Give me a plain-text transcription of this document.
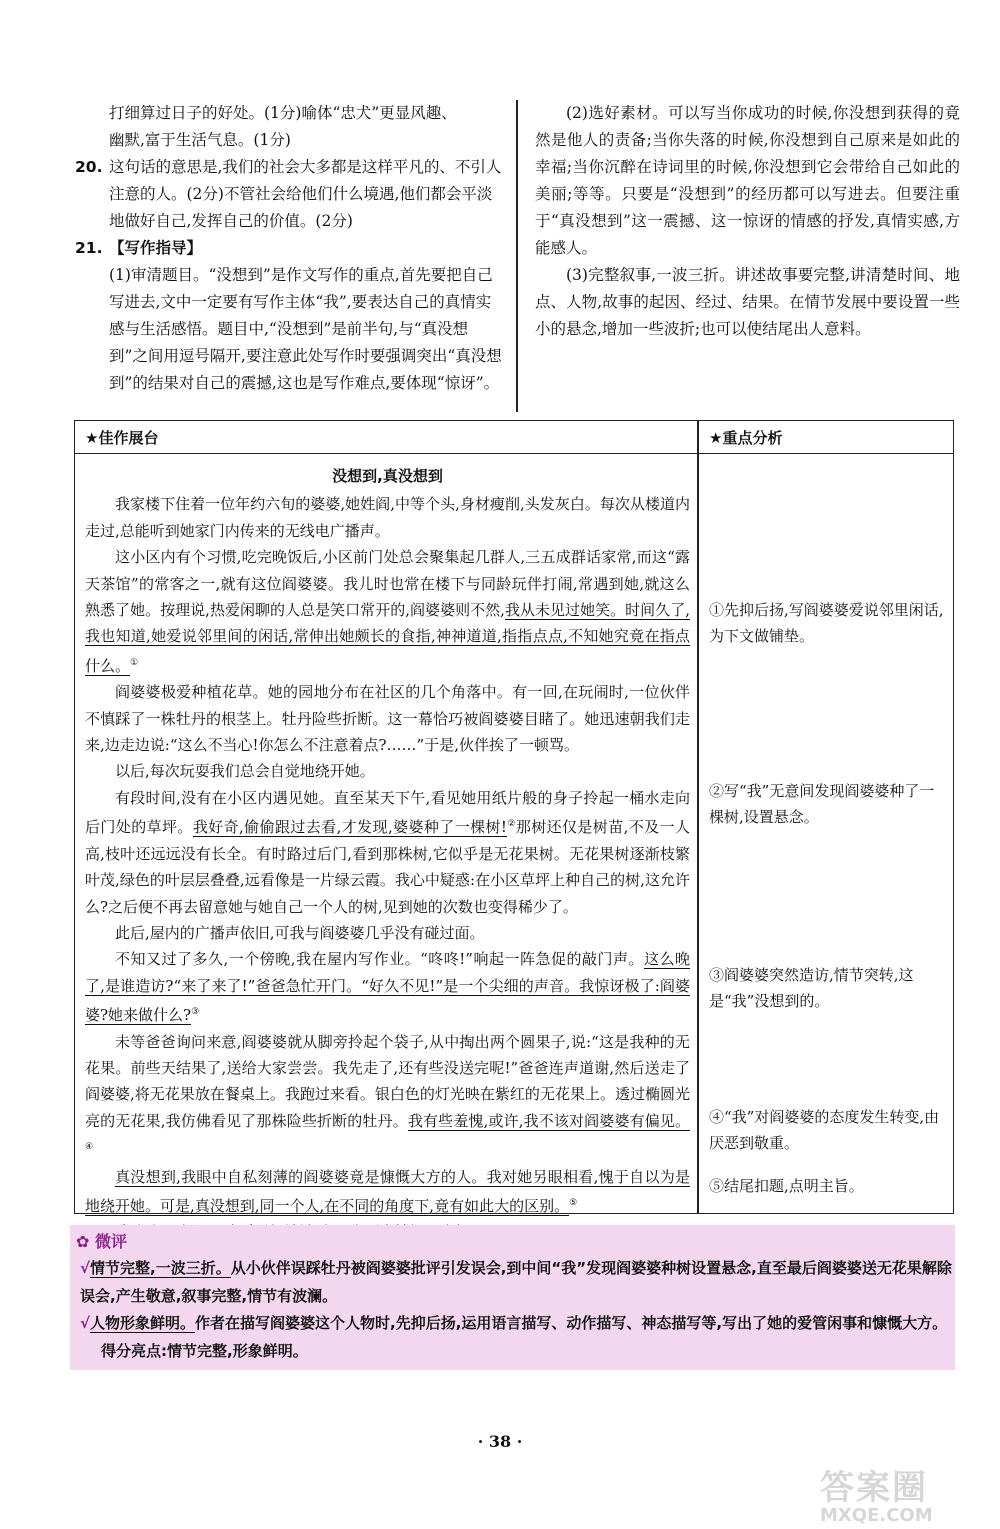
打细算过日子的好处。(1分)喻体“忠犬”更显风趣、

幽默,富于生活气息。(1分)

20. 这句话的意思是,我们的社会大多都是这样平凡的、不引人注意的人。(2分)不管社会给他们什么境遇,他们都会平淡地做好自己,发挥自己的价值。(2分)

21. 【写作指导】

(1)审清题目。“没想到”是作文写作的重点,首先要把自己写进去,文中一定要有写作主体“我”,要表达自己的真情实感与生活感悟。题目中,“没想到”是前半句,与“真没想到”之间用逗号隔开,要注意此处写作时要强调突出“真没想到”的结果对自己的震撼,这也是写作难点,要体现“惊讶”。

(2)选好素材。可以写当你成功的时候,你没想到获得的竟然是他人的责备;当你失落的时候,你没想到自己原来是如此的幸福;当你沉醉在诗词里的时候,你没想到它会带给自己如此的美丽;等等。只要是“没想到”的经历都可以写进去。但要注重于“真没想到”这一震撼、这一惊讶的情感的抒发,真情实感,方能感人。

(3)完整叙事,一波三折。讲述故事要完整,讲清楚时间、地点、人物,故事的起因、经过、结果。在情节发展中要设置一些小的悬念,增加一些波折;也可以使结尾出人意料。

★佳作展台	★重点分析
没想到,真没想到

我家楼下住着一位年约六旬的婆婆,她姓阎,中等个头,身材瘦削,头发灰白。每次从楼道内走过,总能听到她家门内传来的无线电广播声。

这小区内有个习惯,吃完晚饭后,小区前门处总会聚集起几群人,三五成群话家常,而这“露天茶馆”的常客之一,就有这位阎婆婆。我儿时也常在楼下与同龄玩伴打闹,常遇到她,就这么熟悉了她。按理说,热爱闲聊的人总是笑口常开的,阎婆婆则不然,我从未见过她笑。时间久了,我也知道,她爱说邻里间的闲话,常伸出她颇长的食指,神神道道,指指点点,不知她究竟在指点什么。①

阎婆婆极爱种植花草。她的园地分布在社区的几个角落中。有一回,在玩闹时,一位伙伴不慎踩了一株牡丹的根茎上。牡丹险些折断。这一幕恰巧被阎婆婆目睹了。她迅速朝我们走来,边走边说:“这么不当心!你怎么不注意着点?……”于是,伙伴挨了一顿骂。

以后,每次玩耍我们总会自觉地绕开她。

有段时间,没有在小区内遇见她。直至某天下午,看见她用纸片般的身子拎起一桶水走向后门处的草坪。我好奇,偷偷跟过去看,才发现,婆婆种了一棵树!②那树还仅是树苗,不及一人高,枝叶还远远没有长全。有时路过后门,看到那株树,它似乎是无花果树。无花果树逐渐枝繁叶茂,绿色的叶层层叠叠,远看像是一片绿云霞。我心中疑惑:在小区草坪上种自己的树,这允许么?之后便不再去留意她与她自己一个人的树,见到她的次数也变得稀少了。

此后,屋内的广播声依旧,可我与阎婆婆几乎没有碰过面。

不知又过了多久,一个傍晚,我在屋内写作业。“咚咚!”响起一阵急促的敲门声。这么晚了,是谁造访?“来了来了!”爸爸急忙开门。“好久不见!”是一个尖细的声音。我惊讶极了:阎婆婆?她来做什么?③

未等爸爸询问来意,阎婆婆就从脚旁拎起个袋子,从中掏出两个圆果子,说:“这是我种的无花果。前些天结果了,送给大家尝尝。我先走了,还有些没送完呢!”爸爸连声道谢,然后送走了阎婆婆,将无花果放在餐桌上。我跑过来看。银白色的灯光映在紫红的无花果上。透过椭圆光亮的无花果,我仿佛看见了那株险些折断的牡丹。我有些羞愧,或许,我不该对阎婆婆有偏见。④

真没想到,我眼中自私刻薄的阎婆婆竟是慷慨大方的人。我对她另眼相看,愧于自以为是地绕开她。可是,真没想到,同一个人,在不同的角度下,竟有如此大的区别。⑤

①先抑后扬,写阎婆婆爱说邻里闲话,为下文做铺垫。
②写“我”无意间发现阎婆婆种了一棵树,设置悬念。
③阎婆婆突然造访,情节突转,这是“我”没想到的。
④“我”对阎婆婆的态度发生转变,由厌恶到敬重。
⑤结尾扣题,点明主旨。
✿ 微评

√情节完整,一波三折。从小伙伴误踩牡丹被阎婆婆批评引发误会,到中间“我”发现阎婆婆种树设置悬念,直至最后阎婆婆送无花果解除误会,产生敬意,叙事完整,情节有波澜。

√人物形象鲜明。作者在描写阎婆婆这个人物时,先抑后扬,运用语言描写、动作描写、神态描写等,写出了她的爱管闲事和慷慨大方。

得分亮点:情节完整,形象鲜明。

· 38 ·
答案圈
MXQE.COM
